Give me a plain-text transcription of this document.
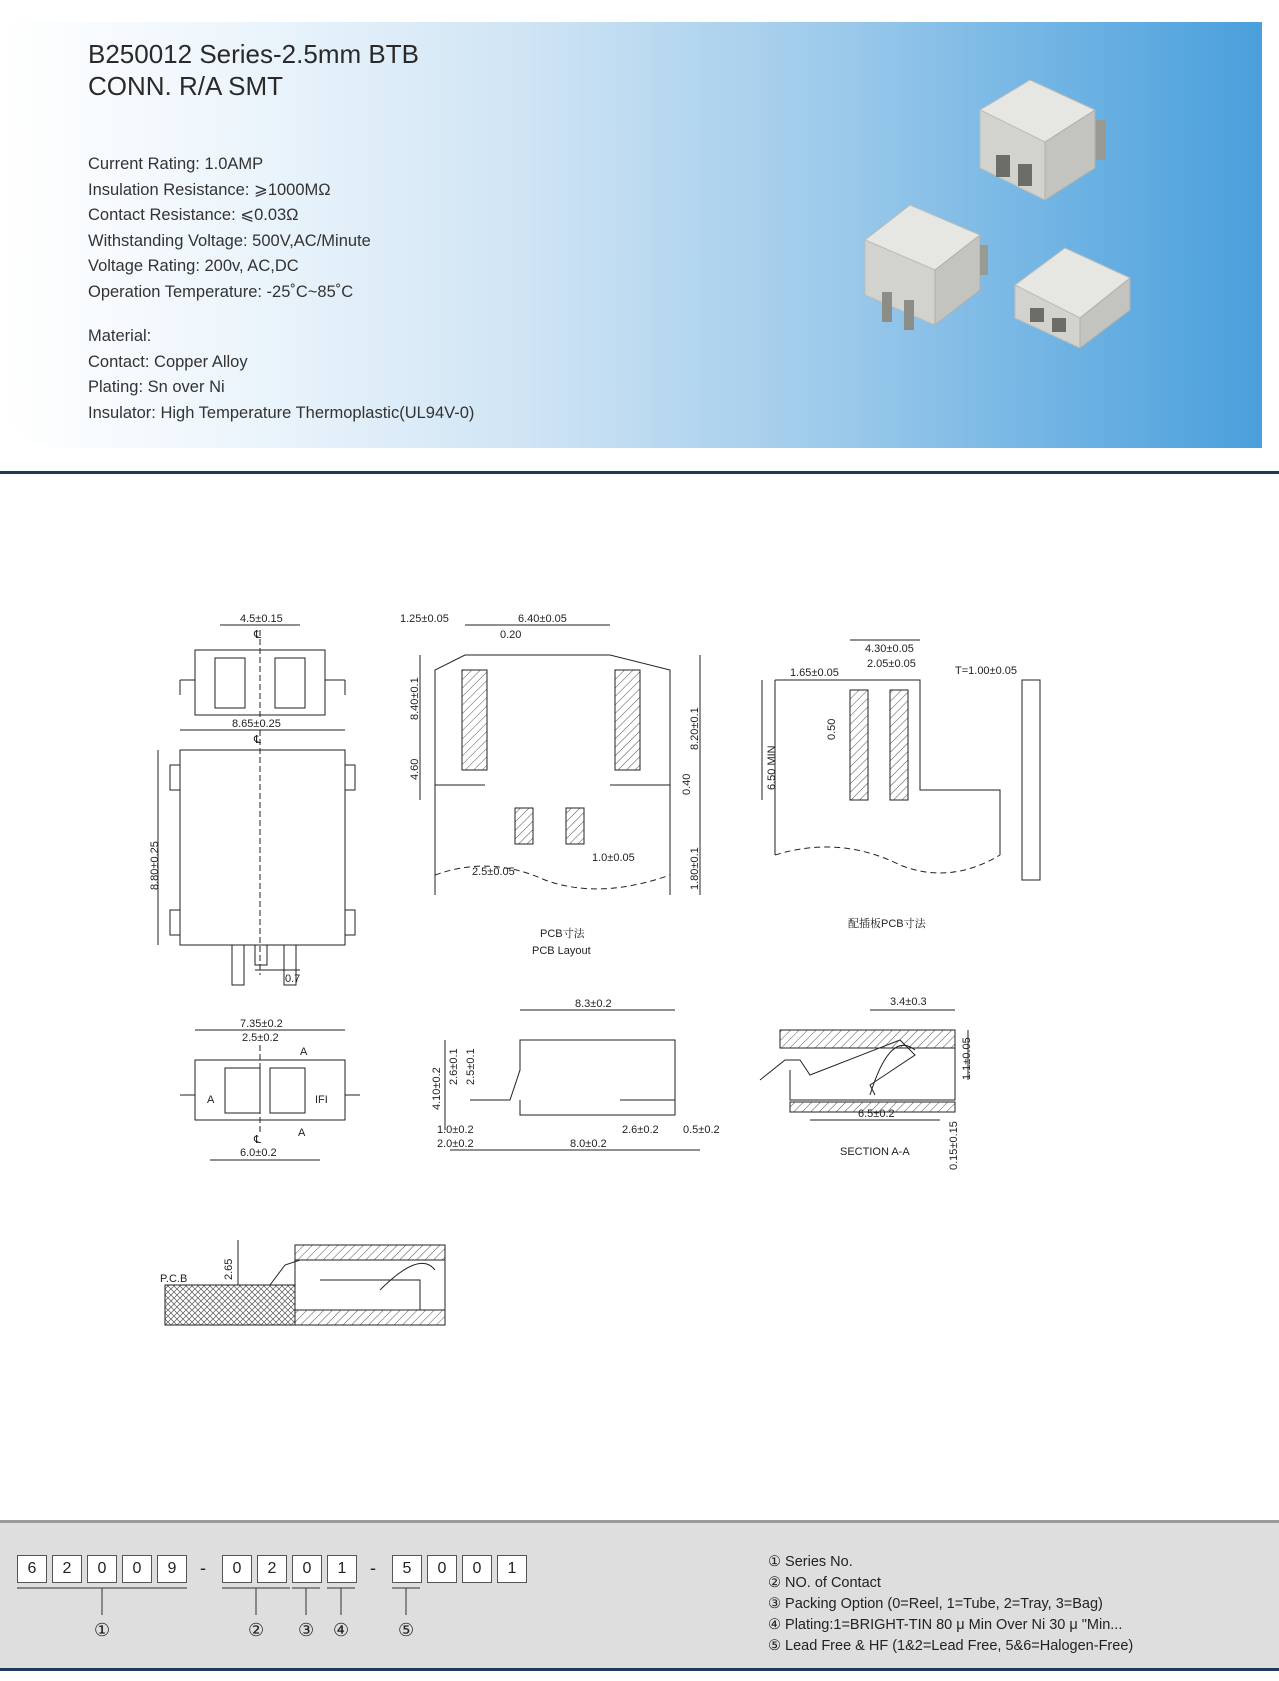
B250012 Series-2.5mm BTB
CONN. R/A SMT
Current Rating: 1.0AMP
Insulation Resistance: ⩾1000MΩ
Contact Resistance: ⩽0.03Ω
Withstanding Voltage: 500V,AC/Minute
Voltage Rating: 200v, AC,DC
Operation Temperature: -25˚C~85˚C
Material:
Contact: Copper Alloy
Plating: Sn over Ni
Insulator: High Temperature Thermoplastic(UL94V-0)
4.5±0.15
℄
8.65±0.25
℄
8.80±0.25
0.7
1.25±0.05	6.40±0.05
0.20
8.40±0.1
4.60
8.20±0.1
0.40
2.5±0.05
1.0±0.05	1.80±0.1
PCB寸法
PCB Layout
4.30±0.05
2.05±0.05
1.65±0.05	T=1.00±0.05
6.50 MIN
0.50
配插板PCB寸法
7.35±0.2
2.5±0.2
A
A	IFI
A
℄
6.0±0.2
8.3±0.2
4.10±0.2
2.6±0.1 2.5±0.1
1.0±0.2
2.0±0.2	8.0±0.2
2.6±0.2 0.5±0.2
3.4±0.3
1.1±0.05
6.5±0.2
SECTION A-A	0.15±0.15
P.C.B	2.65
6	2	0	0	9	-	0	2	0	1	-	5	0	0	1
①	② ③ ④	⑤
① Series No.
② NO. of Contact
③ Packing Option (0=Reel, 1=Tube, 2=Tray, 3=Bag)
④ Plating:1=BRIGHT-TIN 80 μ Min Over Ni 30 μ "Min...
⑤ Lead Free & HF (1&2=Lead Free, 5&6=Halogen-Free)
